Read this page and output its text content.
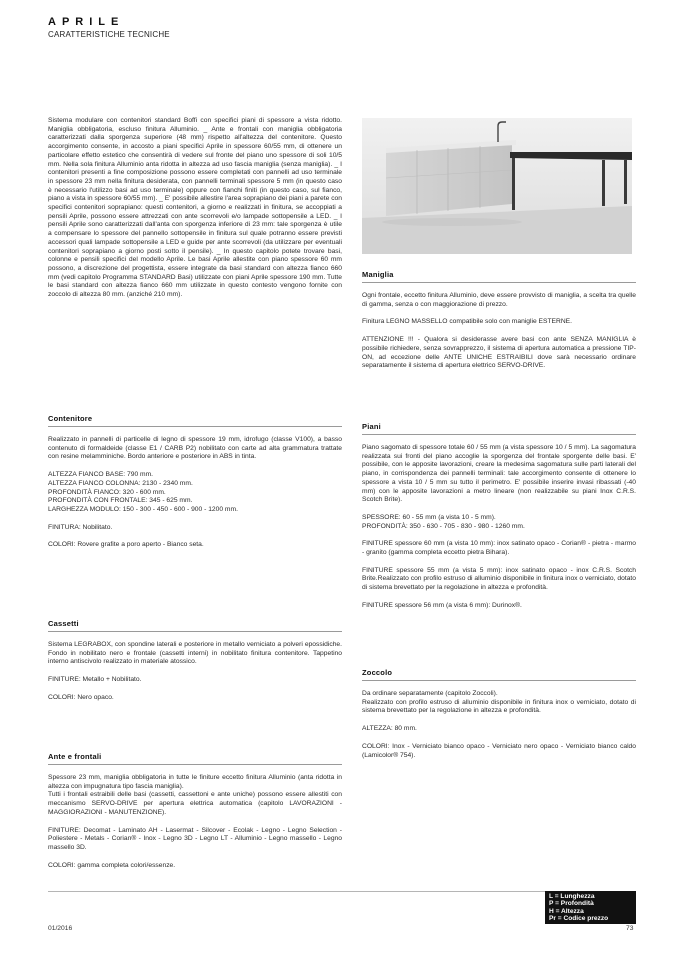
APRILE
CARATTERISTICHE TECNICHE
Sistema modulare con contenitori standard Boffi con specifici piani di spessore a vista ridotto. Maniglia obbligatoria, escluso finitura Alluminio. _ Ante e frontali con maniglia obbligatoria caratterizzati dalla sporgenza superiore (48 mm) rispetto all'altezza del contenitore. Questo accorgimento consente, in accosto a piani specifici Aprile in spessore 60/55 mm, di ottenere un particolare effetto estetico che consentirà di vedere sul fronte del piano uno spessore di soli 10/5 mm. Nella sola finitura Alluminio anta ridotta in altezza ad uso fascia maniglia (senza maniglia). _ I contenitori presenti a fine composizione possono essere completati con pannelli ad uso terminale in spessore 23 mm nella finitura desiderata, con pannelli terminali spessore 5 mm (in questo caso è necessario l'utilizzo basi ad uso terminale) oppure con fianchi finiti (in questo caso, sul fianco, piano a vista in spessore 60/55 mm). _ E' possibile allestire l'area soprapiano dei piani a parete con specifici contenitori soprapiano: questi contenitori, a giorno e realizzati in finitura, se accoppiati a pensili Aprile, possono essere attrezzati con ante scorrevoli e/o lampade sottopensile a LED. _ I pensili Aprile sono caratterizzati dall'anta con sporgenza inferiore di 23 mm: tale sporgenza è utile a compensare lo spessore del pannello sottopensile in finitura sul quale potranno essere previsti accessori quali lampade sottopensile a LED e guide per ante scorrevoli (da utilizzare per eventuali contenitori soprapiano a giorno posti sotto il pensile). _ In questo capitolo potete trovare basi, colonne e pensili specifici del modello Aprile. Le basi Aprile allestite con piano spessore 60 mm possono, a discrezione del progettista, essere integrate da basi standard con altezza fianco 660 mm (vedi capitolo Programma STANDARD Basi) utilizzate con piani Aprile spessore 190 mm. Tutte le basi standard con altezza fianco 660 mm utilizzate in questo contesto vengono fornite con zoccolo di altezza 80 mm. (anziché 210 mm).
Maniglia
Ogni frontale, eccetto finitura Alluminio, deve essere provvisto di maniglia, a scelta tra quelle di gamma, senza o con maggiorazione di prezzo.
Finitura LEGNO MASSELLO compatibile solo con maniglie ESTERNE.
ATTENZIONE !!! - Qualora si desiderasse avere basi con ante SENZA MANIGLIA è possibile richiedere, senza sovrapprezzo, il sistema di apertura automatica a pressione TIP-ON, ad eccezione delle ANTE UNICHE ESTRAIBILI dove sarà necessario ordinare separatamente il sistema di apertura elettrico SERVO-DRIVE.
Contenitore
Realizzato in pannelli di particelle di legno di spessore 19 mm, idrofugo (classe V100), a basso contenuto di formaldeide (classe E1 / CARB P2) nobilitato con carte ad alta grammatura trattate con resine melamminiche. Bordo anteriore e posteriore in ABS in tinta.

ALTEZZA FIANCO BASE: 790 mm.

ALTEZZA FIANCO COLONNA: 2130 - 2340 mm.

PROFONDITÀ FIANCO: 320 - 600 mm.

PROFONDITÀ CON FRONTALE: 345 - 625 mm.

LARGHEZZA MODULO: 150 - 300 - 450 - 600 - 900 - 1200 mm.

FINITURA: Nobilitato.

COLORI: Rovere grafite a poro aperto - Bianco seta.

Piani
Piano sagomato di spessore totale 60 / 55 mm (a vista spessore 10 / 5 mm). La sagomatura realizzata sui fronti del piano accoglie la sporgenza del frontale sporgente delle basi. E' possibile, con le apposite lavorazioni, creare la medesima sagomatura sulle parti laterali del piano, in corrispondenza dei pannelli terminali: tale accorgimento consente di ottenere lo spessore a vista 10 / 5 mm su tutto il perimetro. E' possibile inserire invasi ribassati (-40 mm) con le apposite lavorazioni a metro lineare (non realizzabile su piani Inox C.R.S. Scotch Brite).

SPESSORE: 60 - 55 mm (a vista 10 - 5 mm).

PROFONDITÀ: 350 - 630 - 705 - 830 - 980 - 1260 mm.

FINITURE spessore 60 mm (a vista 10 mm): inox satinato opaco - Corian® - pietra - marmo - granito (gamma completa eccetto pietra Bihara).
FINITURE spessore 55 mm (a vista 5 mm): inox satinato opaco - inox C.R.S. Scotch Brite.Realizzato con profilo estruso di alluminio disponibile in finitura inox o verniciato, dotato di sistema brevettato per la regolazione in altezza e profondità.
FINITURE spessore 56 mm (a vista 6 mm): Durinox®.
Cassetti
Sistema LEGRABOX, con spondine laterali e posteriore in metallo verniciato a polveri epossidiche. Fondo in nobilitato nero e frontale (cassetti interni) in nobilitato finitura contenitore. Tappetino interno antiscivolo realizzato in materiale atossico.

FINITURE: Metallo + Nobilitato.

COLORI: Nero opaco.

Zoccolo
Da ordinare separatamente (capitolo Zoccoli).
Realizzato con profilo estruso di alluminio disponibile in finitura inox o verniciato, dotato di sistema brevettato per la regolazione in altezza e profondità.

ALTEZZA: 80 mm.

COLORI: Inox - Verniciato bianco opaco - Verniciato nero opaco - Verniciato bianco caldo (Lamicolor® 754).
Ante e frontali
Spessore 23 mm, maniglia obbligatoria in tutte le finiture eccetto finitura Alluminio (anta ridotta in altezza con impugnatura tipo fascia maniglia).
Tutti i frontali estraibili delle basi (cassetti, cassettoni e ante uniche) possono essere allestiti con meccanismo SERVO-DRIVE per apertura elettrica automatica (capitolo LAVORAZIONI - MAGGIORAZIONI - MANUTENZIONE).
FINITURE: Decomat - Laminato AH - Lasermat - Silcover - Ecolak - Legno - Legno Selection - Poliestere - Metals - Corian® - Inox - Legno 3D - Legno LT - Alluminio - Legno massello - Legno massello 3D.

COLORI: gamma completa colori/essenze.

L = Lunghezza
P = Profondità
H = Altezza
Pr = Codice prezzo
01/2016	73
